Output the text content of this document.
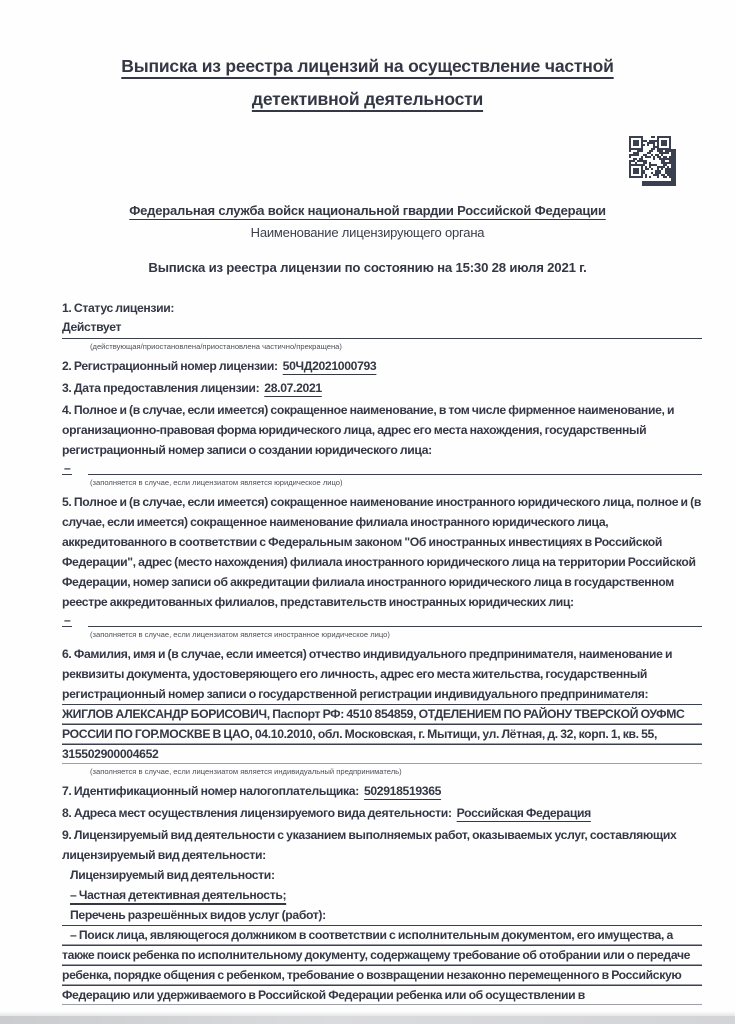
Выписка из реестра лицензий на осуществление частной
детективной деятельности
Федеральная служба войск национальной гвардии Российской Федерации
Наименование лицензирующего органа
Выписка из реестра лицензии по состоянию на 15:30 28 июля 2021 г.
1. Статус лицензии:
Действует
(действующая/приостановлена/приостановлена частично/прекращена)
2. Регистрационный номер лицензии: 50ЧД2021000793
3. Дата предоставления лицензии: 28.07.2021
4. Полное и (в случае, если имеется) сокращенное наименование, в том числе фирменное наименование, и организационно-правовая форма юридического лица, адрес его места нахождения, государственный регистрационный номер записи о создании юридического лица:
–
(заполняется в случае, если лицензиатом является юридическое лицо)
5. Полное и (в случае, если имеется) сокращенное наименование иностранного юридического лица, полное и (в случае, если имеется) сокращенное наименование филиала иностранного юридического лица, аккредитованного в соответствии с Федеральным законом "Об иностранных инвестициях в Российской Федерации", адрес (место нахождения) филиала иностранного юридического лица на территории Российской Федерации, номер записи об аккредитации филиала иностранного юридического лица в государственном реестре аккредитованных филиалов, представительств иностранных юридических лиц:
–
(заполняется в случае, если лицензиатом является иностранное юридическое лицо)
6. Фамилия, имя и (в случае, если имеется) отчество индивидуального предпринимателя, наименование и реквизиты документа, удостоверяющего его личность, адрес его места жительства, государственный регистрационный номер записи о государственной регистрации индивидуального предпринимателя:
ЖИГЛОВ АЛЕКСАНДР БОРИСОВИЧ, Паспорт РФ: 4510 854859, ОТДЕЛЕНИЕМ ПО РАЙОНУ ТВЕРСКОЙ ОУФМС РОССИИ ПО ГОР.МОСКВЕ В ЦАО, 04.10.2010, обл. Московская, г. Мытищи, ул. Лётная, д. 32, корп. 1, кв. 55, 315502900004652
(заполняется в случае, если лицензиатом является индивидуальный предприниматель)
7. Идентификационный номер налогоплательщика: 502918519365
8. Адреса мест осуществления лицензируемого вида деятельности: Российская Федерация
9. Лицензируемый вид деятельности с указанием выполняемых работ, оказываемых услуг, составляющих лицензируемый вид деятельности:
Лицензируемый вид деятельности:
– Частная детективная деятельность;
Перечень разрешённых видов услуг (работ):
– Поиск лица, являющегося должником в соответствии с исполнительным документом, его имущества, а также поиск ребенка по исполнительному документу, содержащему требование об отобрании или о передаче ребенка, порядке общения с ребенком, требование о возвращении незаконно перемещенного в Российскую Федерацию или удерживаемого в Российской Федерации ребенка или об осуществлении в
